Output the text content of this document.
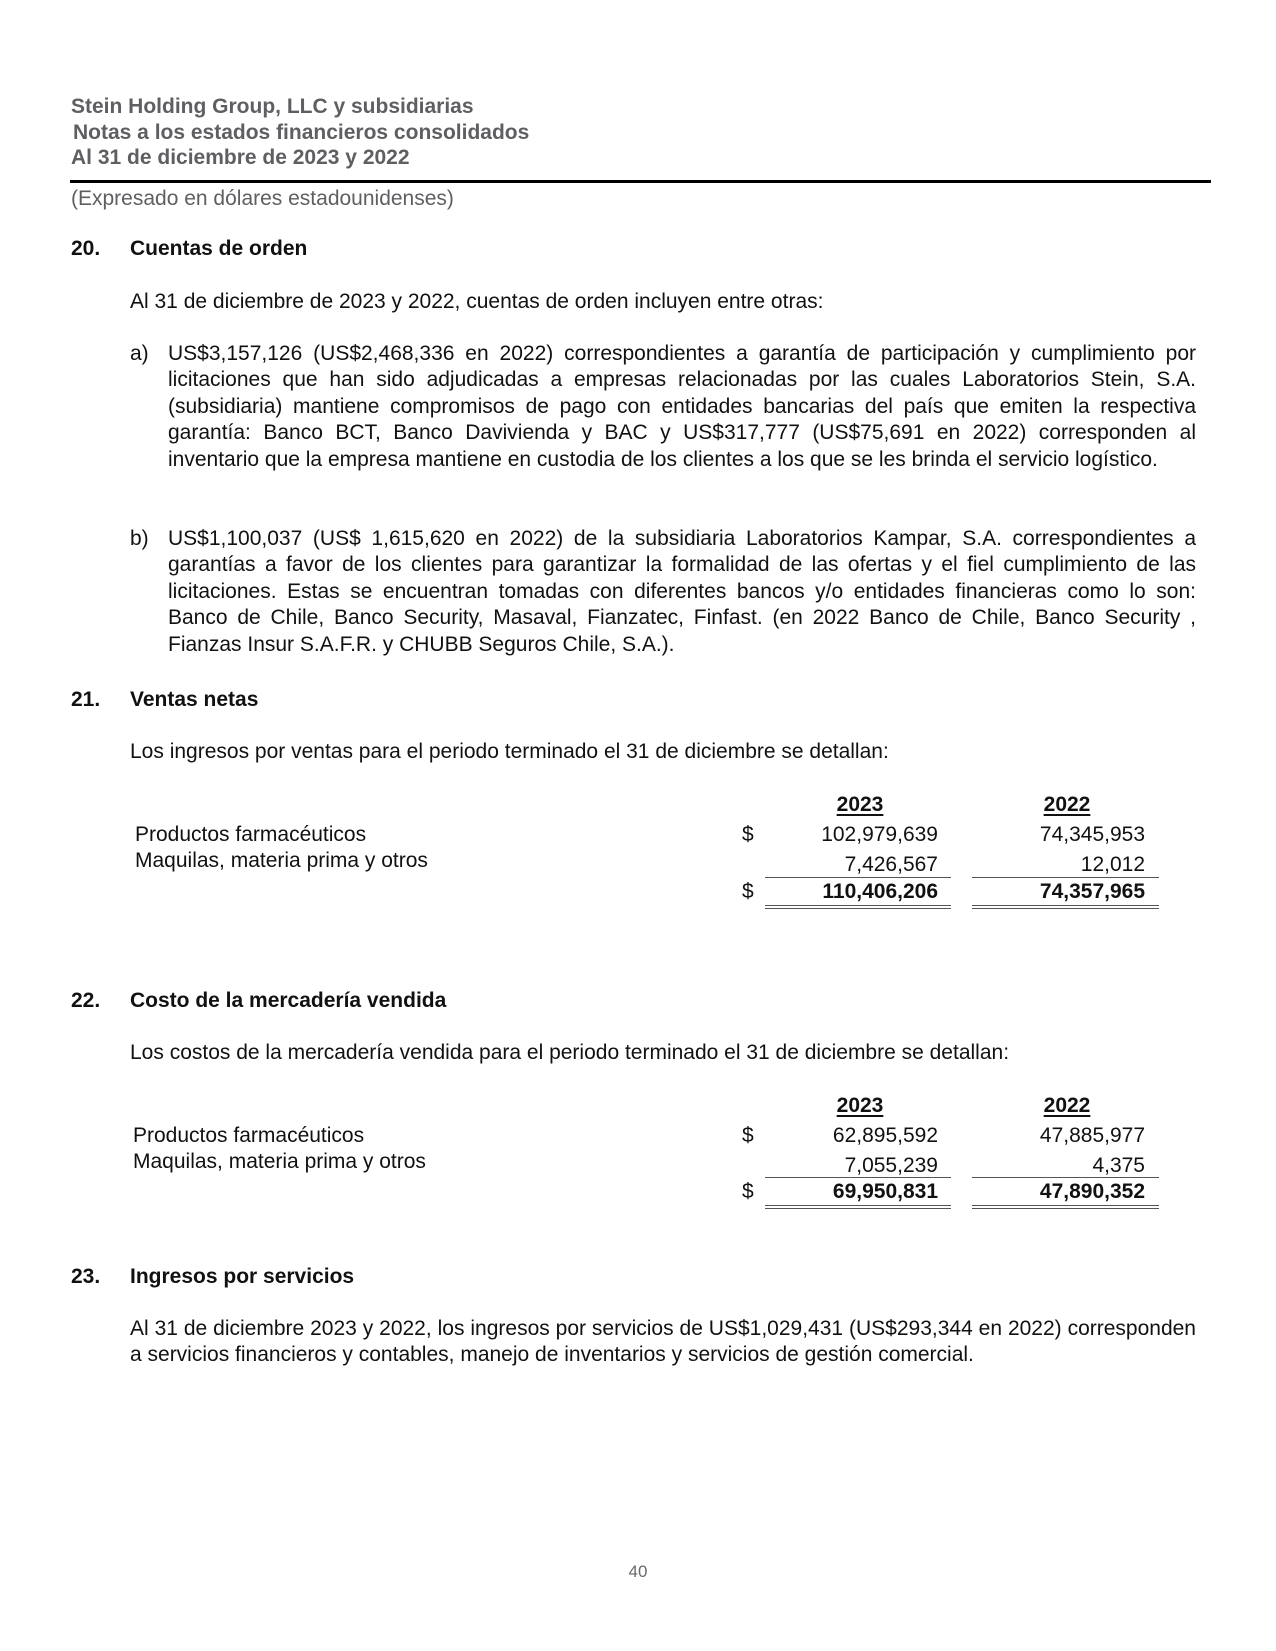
Stein Holding Group, LLC y subsidiarias
Notas a los estados financieros consolidados
Al 31 de diciembre de 2023 y 2022
(Expresado en dólares estadounidenses)
20. Cuentas de orden
Al 31 de diciembre de 2023 y 2022, cuentas de orden incluyen entre otras:
a) US$3,157,126 (US$2,468,336 en 2022) correspondientes a garantía de participación y cumplimiento por licitaciones que han sido adjudicadas a empresas relacionadas por las cuales Laboratorios Stein, S.A. (subsidiaria) mantiene compromisos de pago con entidades bancarias del país que emiten la respectiva garantía: Banco BCT, Banco Davivienda y BAC y US$317,777 (US$75,691 en 2022) corresponden al inventario que la empresa mantiene en custodia de los clientes a los que se les brinda el servicio logístico.
b) US$1,100,037 (US$ 1,615,620 en 2022) de la subsidiaria Laboratorios Kampar, S.A. correspondientes a garantías a favor de los clientes para garantizar la formalidad de las ofertas y el fiel cumplimiento de las licitaciones. Estas se encuentran tomadas con diferentes bancos y/o entidades financieras como lo son: Banco de Chile, Banco Security, Masaval, Fianzatec, Finfast. (en 2022 Banco de Chile, Banco Security , Fianzas Insur S.A.F.R. y CHUBB Seguros Chile, S.A.).
21. Ventas netas
Los ingresos por ventas para el periodo terminado el 31 de diciembre se detallan:
2023	2022
Productos farmacéuticos	$	102,979,639	74,345,953
Maquilas, materia prima y otros	7,426,567	12,012
$	110,406,206	74,357,965
22. Costo de la mercadería vendida
Los costos de la mercadería vendida para el periodo terminado el 31 de diciembre se detallan:
2023	2022
Productos farmacéuticos	$	62,895,592	47,885,977
Maquilas, materia prima y otros	7,055,239	4,375
$	69,950,831	47,890,352
23. Ingresos por servicios
Al 31 de diciembre 2023 y 2022, los ingresos por servicios de US$1,029,431 (US$293,344 en 2022) corresponden a servicios financieros y contables, manejo de inventarios y servicios de gestión comercial.
40
